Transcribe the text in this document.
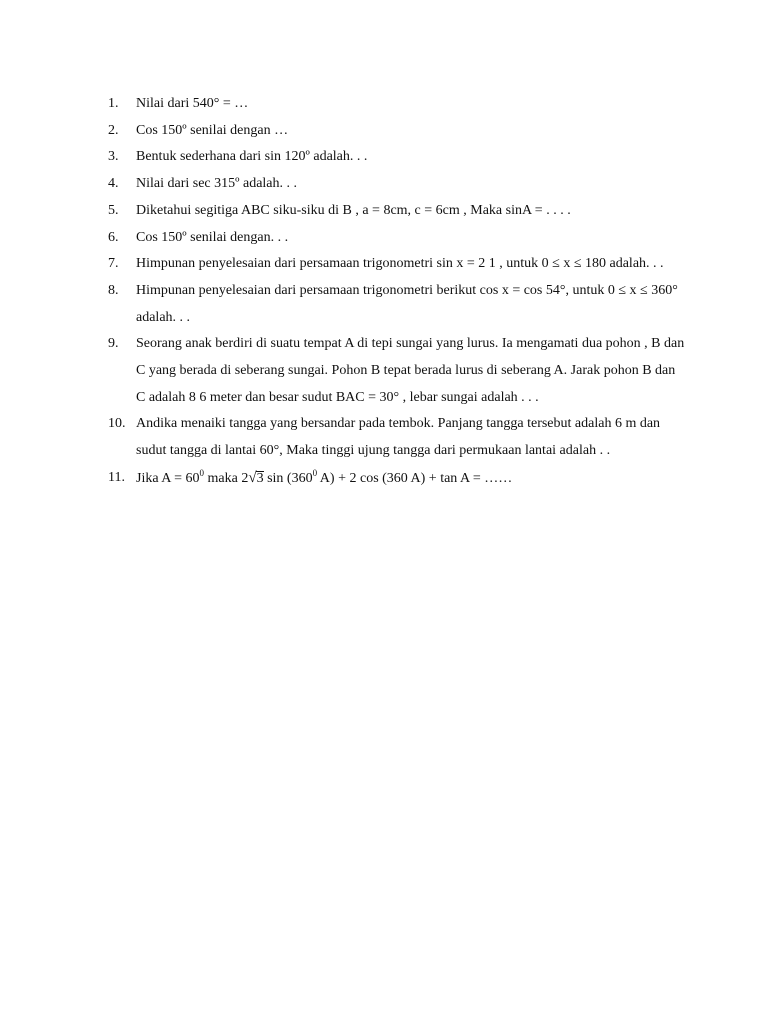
1.	Nilai dari 540° = …
2.	Cos 150º senilai dengan …
3.	Bentuk sederhana dari sin 120º adalah. . .
4.	Nilai dari sec 315º adalah. . .
5.	Diketahui segitiga ABC siku-siku di B , a = 8cm, c = 6cm , Maka sinA = . . . .
6.	Cos 150º senilai dengan. . .
7.	Himpunan penyelesaian dari persamaan trigonometri sin x = 2 1 , untuk 0 ≤ x ≤ 180 adalah. . .
8.	Himpunan penyelesaian dari persamaan trigonometri berikut cos x = cos 54°, untuk 0 ≤ x ≤ 360° adalah. . .
9.	Seorang anak berdiri di suatu tempat A di tepi sungai yang lurus. Ia mengamati dua pohon , B dan C yang berada di seberang sungai. Pohon B tepat berada lurus di seberang A. Jarak pohon B dan C adalah 8 6 meter dan besar sudut BAC = 30° , lebar sungai adalah . . .
10. Andika menaiki tangga yang bersandar pada tembok. Panjang tangga tersebut adalah 6 m dan sudut tangga di lantai 60°, Maka tinggi ujung tangga dari permukaan lantai adalah . .
11. Jika $A = 60^0$ maka 2√3 $\sin (360^0$ A) + 2 cos (360 A) + tan A = ……
